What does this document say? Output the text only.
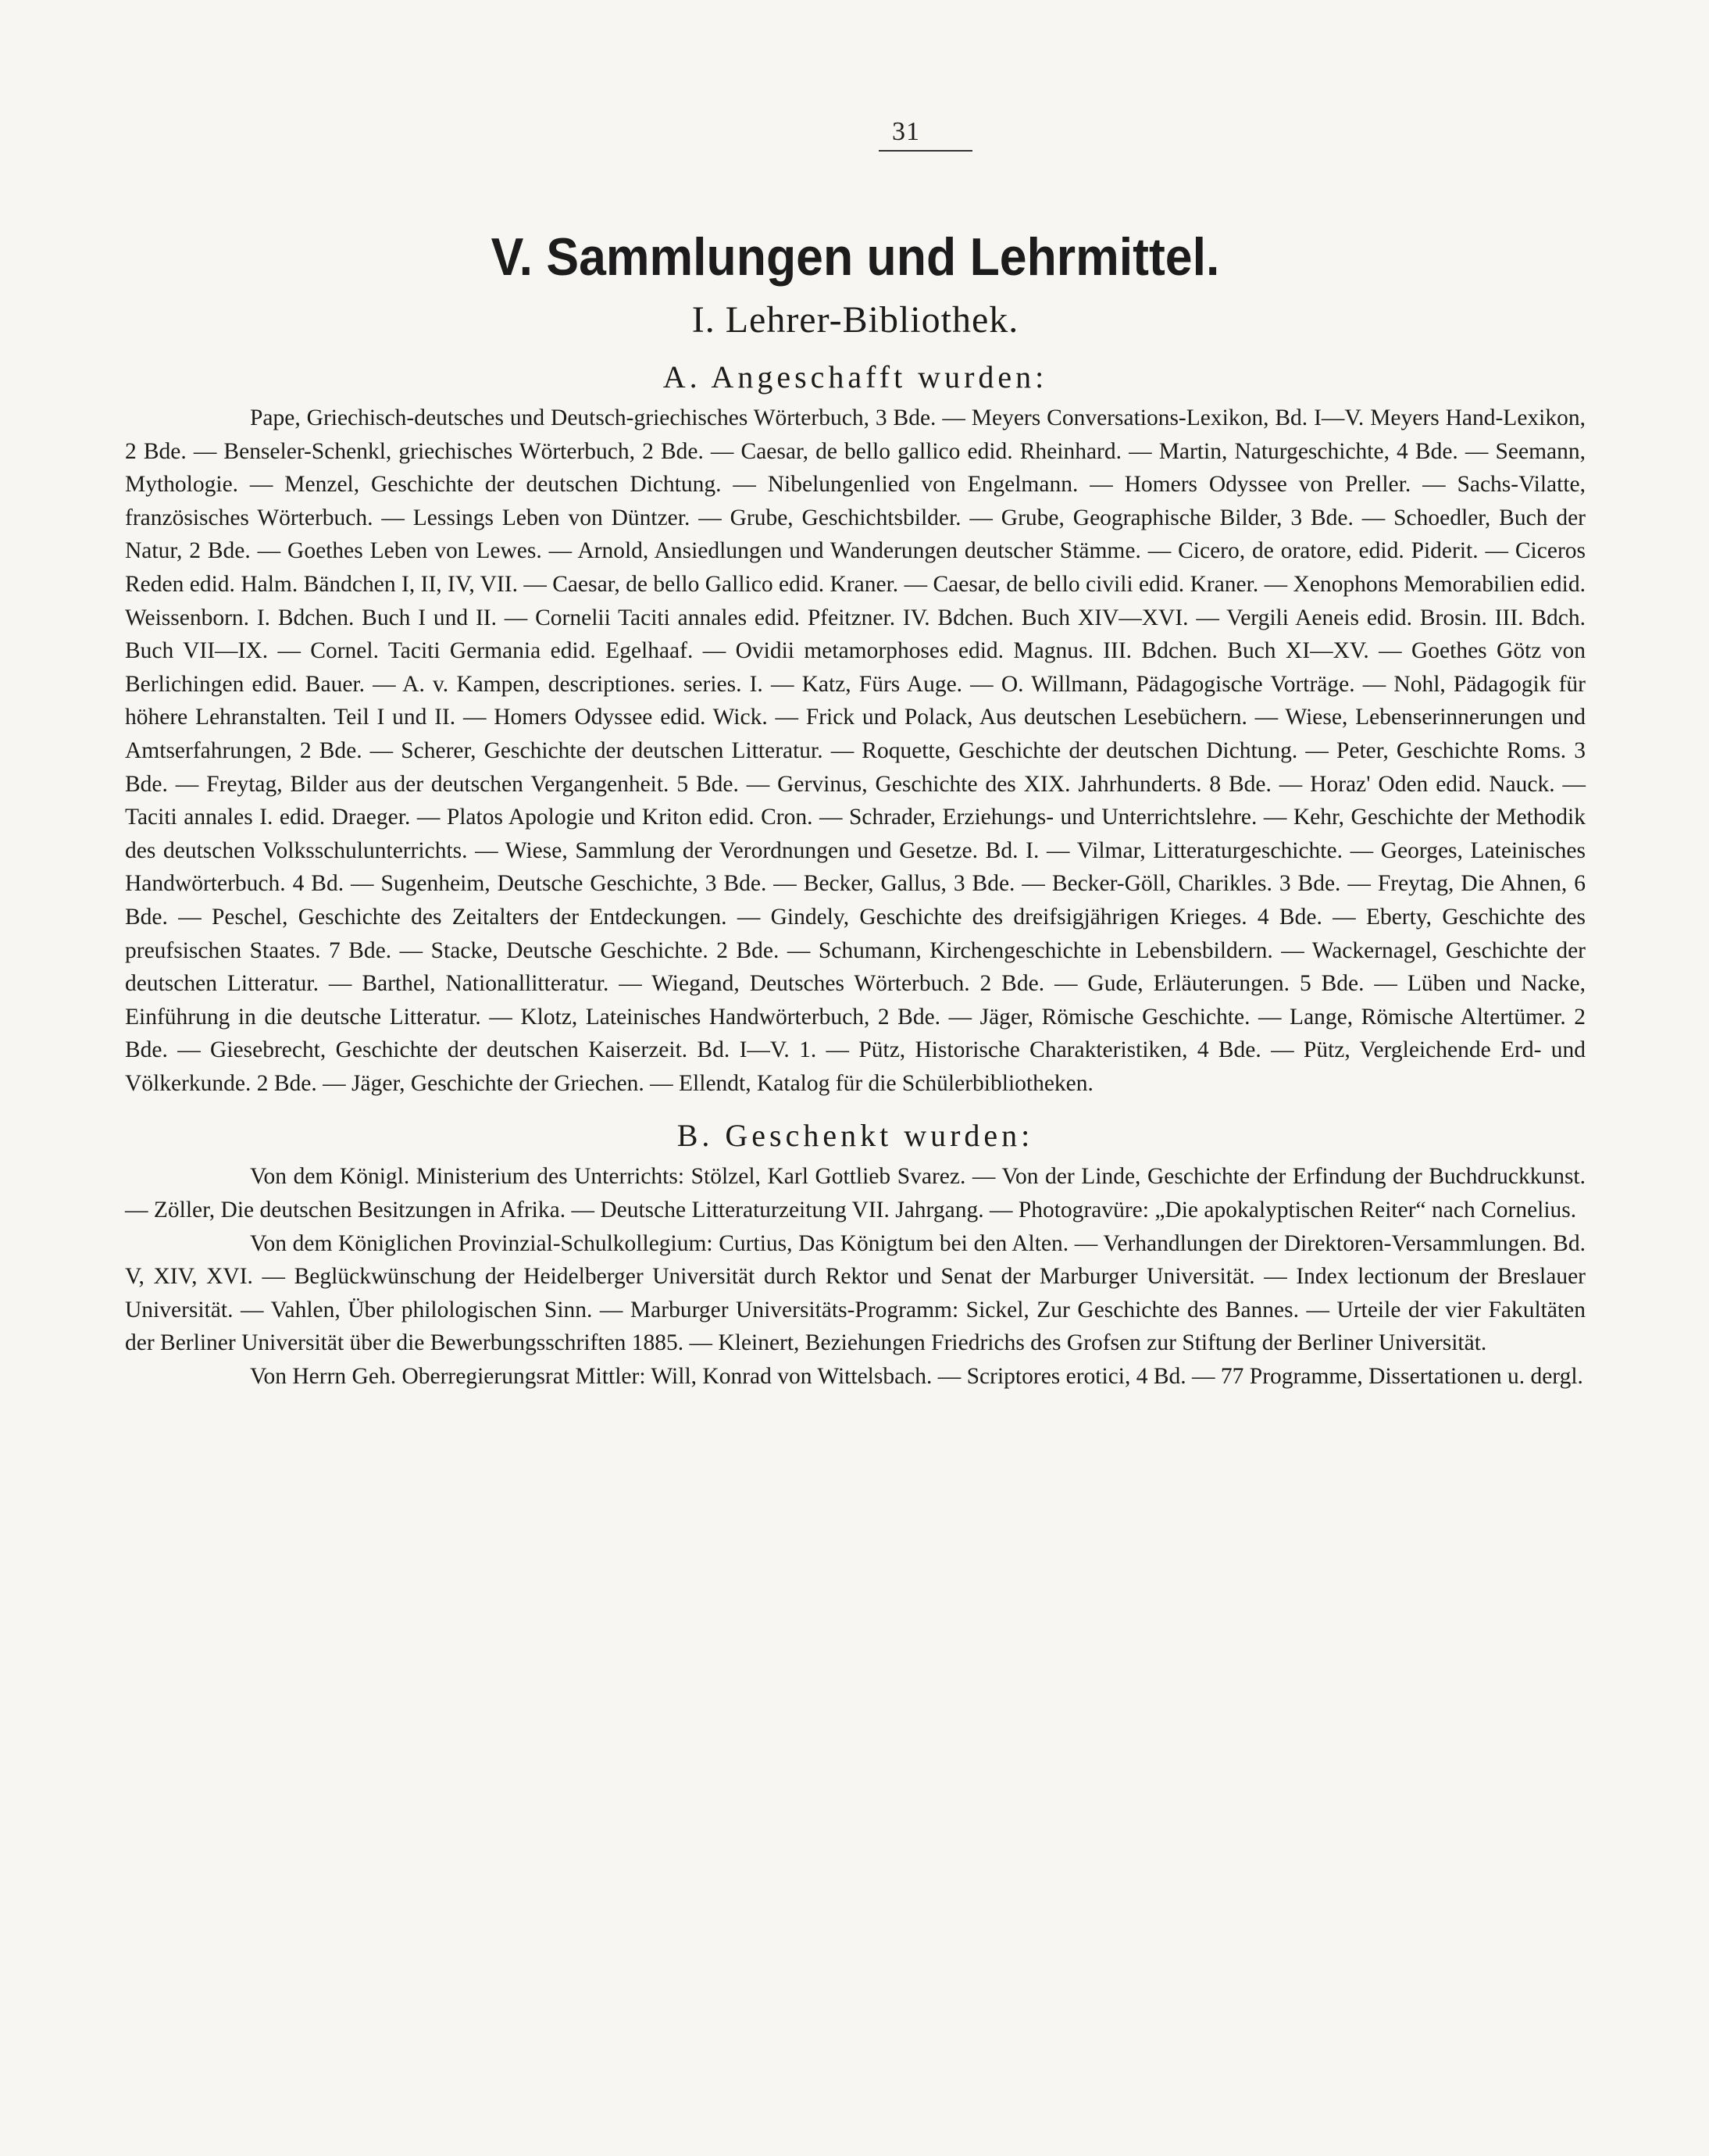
31
V. Sammlungen und Lehrmittel.
I. Lehrer-Bibliothek.
A. Angeschafft wurden:

Pape, Griechisch-deutsches und Deutsch-griechisches Wörterbuch, 3 Bde. — Meyers Conversations-Lexikon, Bd. I—V. Meyers Hand-Lexikon, 2 Bde. — Benseler-Schenkl, griechisches Wörterbuch, 2 Bde. — Caesar, de bello gallico edid. Rheinhard. — Martin, Naturgeschichte, 4 Bde. — Seemann, Mythologie. — Menzel, Geschichte der deutschen Dichtung. — Nibelungenlied von Engelmann. — Homers Odyssee von Preller. — Sachs-Vilatte, französisches Wörterbuch. — Lessings Leben von Düntzer. — Grube, Geschichtsbilder. — Grube, Geographische Bilder, 3 Bde. — Schoedler, Buch der Natur, 2 Bde. — Goethes Leben von Lewes. — Arnold, Ansiedlungen und Wanderungen deutscher Stämme. — Cicero, de oratore, edid. Piderit. — Ciceros Reden edid. Halm. Bändchen I, II, IV, VII. — Caesar, de bello Gallico edid. Kraner. — Caesar, de bello civili edid. Kraner. — Xenophons Memorabilien edid. Weissenborn. I. Bdchen. Buch I und II. — Cornelii Taciti annales edid. Pfeitzner. IV. Bdchen. Buch XIV—XVI. — Vergili Aeneis edid. Brosin. III. Bdch. Buch VII—IX. — Cornel. Taciti Germania edid. Egelhaaf. — Ovidii metamorphoses edid. Magnus. III. Bdchen. Buch XI—XV. — Goethes Götz von Berlichingen edid. Bauer. — A. v. Kampen, descriptiones. series. I. — Katz, Fürs Auge. — O. Willmann, Pädagogische Vorträge. — Nohl, Pädagogik für höhere Lehranstalten. Teil I und II. — Homers Odyssee edid. Wick. — Frick und Polack, Aus deutschen Lesebüchern. — Wiese, Lebenserinnerungen und Amtserfahrungen, 2 Bde. — Scherer, Geschichte der deutschen Litteratur. — Roquette, Geschichte der deutschen Dichtung. — Peter, Geschichte Roms. 3 Bde. — Freytag, Bilder aus der deutschen Vergangenheit. 5 Bde. — Gervinus, Geschichte des XIX. Jahrhunderts. 8 Bde. — Horaz' Oden edid. Nauck. — Taciti annales I. edid. Draeger. — Platos Apologie und Kriton edid. Cron. — Schrader, Erziehungs- und Unterrichtslehre. — Kehr, Geschichte der Methodik des deutschen Volksschulunterrichts. — Wiese, Sammlung der Verordnungen und Gesetze. Bd. I. — Vilmar, Litteraturgeschichte. — Georges, Lateinisches Handwörterbuch. 4 Bd. — Sugenheim, Deutsche Geschichte, 3 Bde. — Becker, Gallus, 3 Bde. — Becker-Göll, Charikles. 3 Bde. — Freytag, Die Ahnen, 6 Bde. — Peschel, Geschichte des Zeitalters der Entdeckungen. — Gindely, Geschichte des dreifsigjährigen Krieges. 4 Bde. — Eberty, Geschichte des preufsischen Staates. 7 Bde. — Stacke, Deutsche Geschichte. 2 Bde. — Schumann, Kirchengeschichte in Lebensbildern. — Wackernagel, Geschichte der deutschen Litteratur. — Barthel, Nationallitteratur. — Wiegand, Deutsches Wörterbuch. 2 Bde. — Gude, Erläuterungen. 5 Bde. — Lüben und Nacke, Einführung in die deutsche Litteratur. — Klotz, Lateinisches Handwörterbuch, 2 Bde. — Jäger, Römische Geschichte. — Lange, Römische Altertümer. 2 Bde. — Giesebrecht, Geschichte der deutschen Kaiserzeit. Bd. I—V. 1. — Pütz, Historische Charakteristiken, 4 Bde. — Pütz, Vergleichende Erd- und Völkerkunde. 2 Bde. — Jäger, Geschichte der Griechen. — Ellendt, Katalog für die Schülerbibliotheken.

B. Geschenkt wurden:

Von dem Königl. Ministerium des Unterrichts: Stölzel, Karl Gottlieb Svarez. — Von der Linde, Geschichte der Erfindung der Buchdruckkunst. — Zöller, Die deutschen Besitzungen in Afrika. — Deutsche Litteraturzeitung VII. Jahrgang. — Photogravüre: „Die apokalyptischen Reiter“ nach Cornelius.

Von dem Königlichen Provinzial-Schulkollegium: Curtius, Das Königtum bei den Alten. — Verhandlungen der Direktoren-Versammlungen. Bd. V, XIV, XVI. — Beglückwünschung der Heidelberger Universität durch Rektor und Senat der Marburger Universität. — Index lectionum der Breslauer Universität. — Vahlen, Über philologischen Sinn. — Marburger Universitäts-Programm: Sickel, Zur Geschichte des Bannes. — Urteile der vier Fakultäten der Berliner Universität über die Bewerbungsschriften 1885. — Kleinert, Beziehungen Friedrichs des Grofsen zur Stiftung der Berliner Universität.

Von Herrn Geh. Oberregierungsrat Mittler: Will, Konrad von Wittelsbach. — Scriptores erotici, 4 Bd. — 77 Programme, Dissertationen u. dergl.
